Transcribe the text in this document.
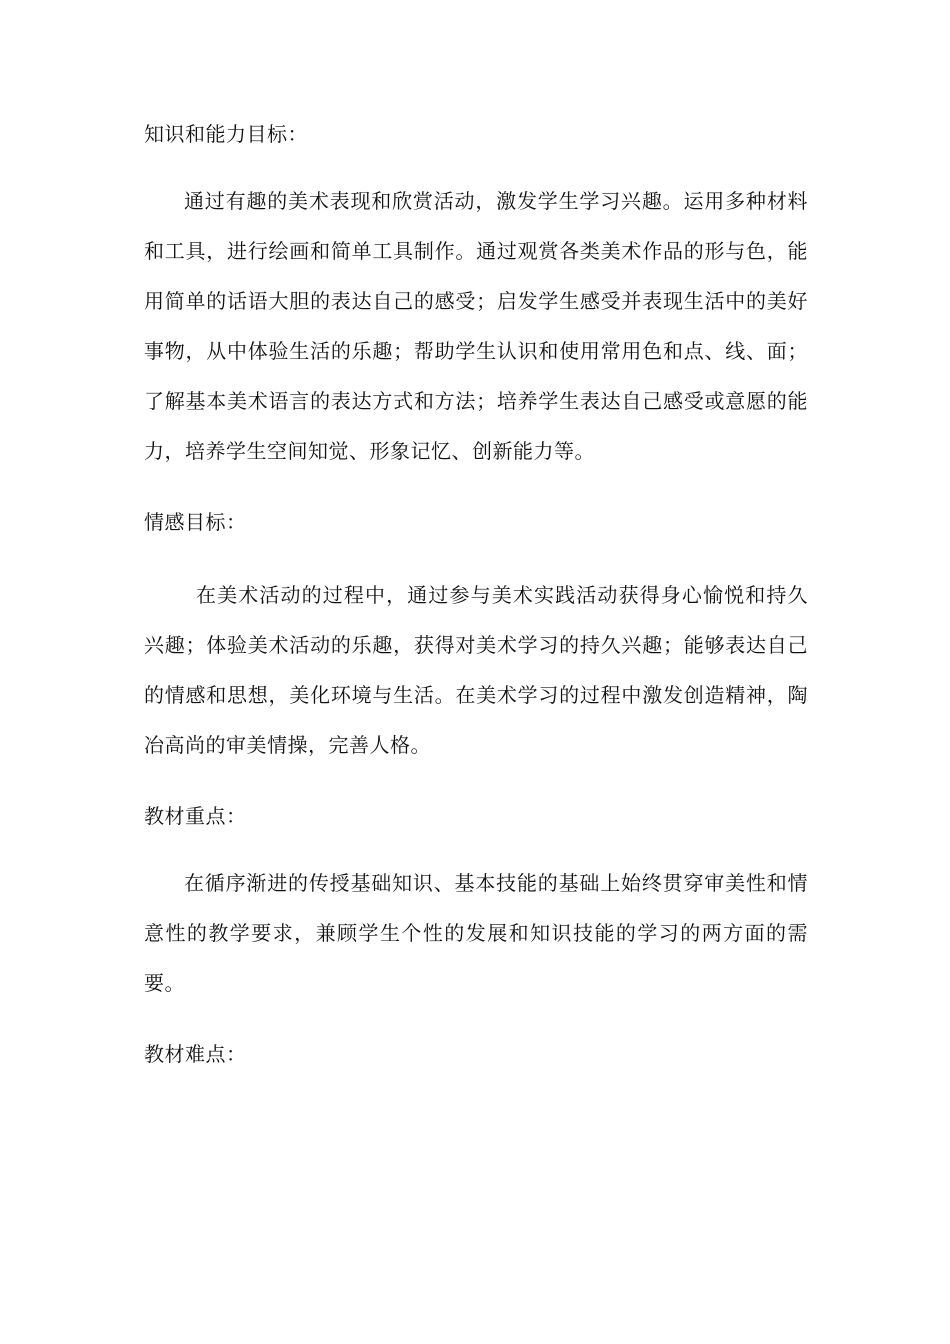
知识和能力目标：

通过有趣的美术表现和欣赏活动，激发学生学习兴趣。运用多种材料和工具，进行绘画和简单工具制作。通过观赏各类美术作品的形与色，能用简单的话语大胆的表达自己的感受；启发学生感受并表现生活中的美好事物，从中体验生活的乐趣；帮助学生认识和使用常用色和点、线、面；了解基本美术语言的表达方式和方法；培养学生表达自己感受或意愿的能力，培养学生空间知觉、形象记忆、创新能力等。

情感目标：

在美术活动的过程中，通过参与美术实践活动获得身心愉悦和持久兴趣；体验美术活动的乐趣，获得对美术学习的持久兴趣；能够表达自己的情感和思想，美化环境与生活。在美术学习的过程中激发创造精神，陶冶高尚的审美情操，完善人格。

教材重点：

在循序渐进的传授基础知识、基本技能的基础上始终贯穿审美性和情意性的教学要求，兼顾学生个性的发展和知识技能的学习的两方面的需要。

教材难点：
